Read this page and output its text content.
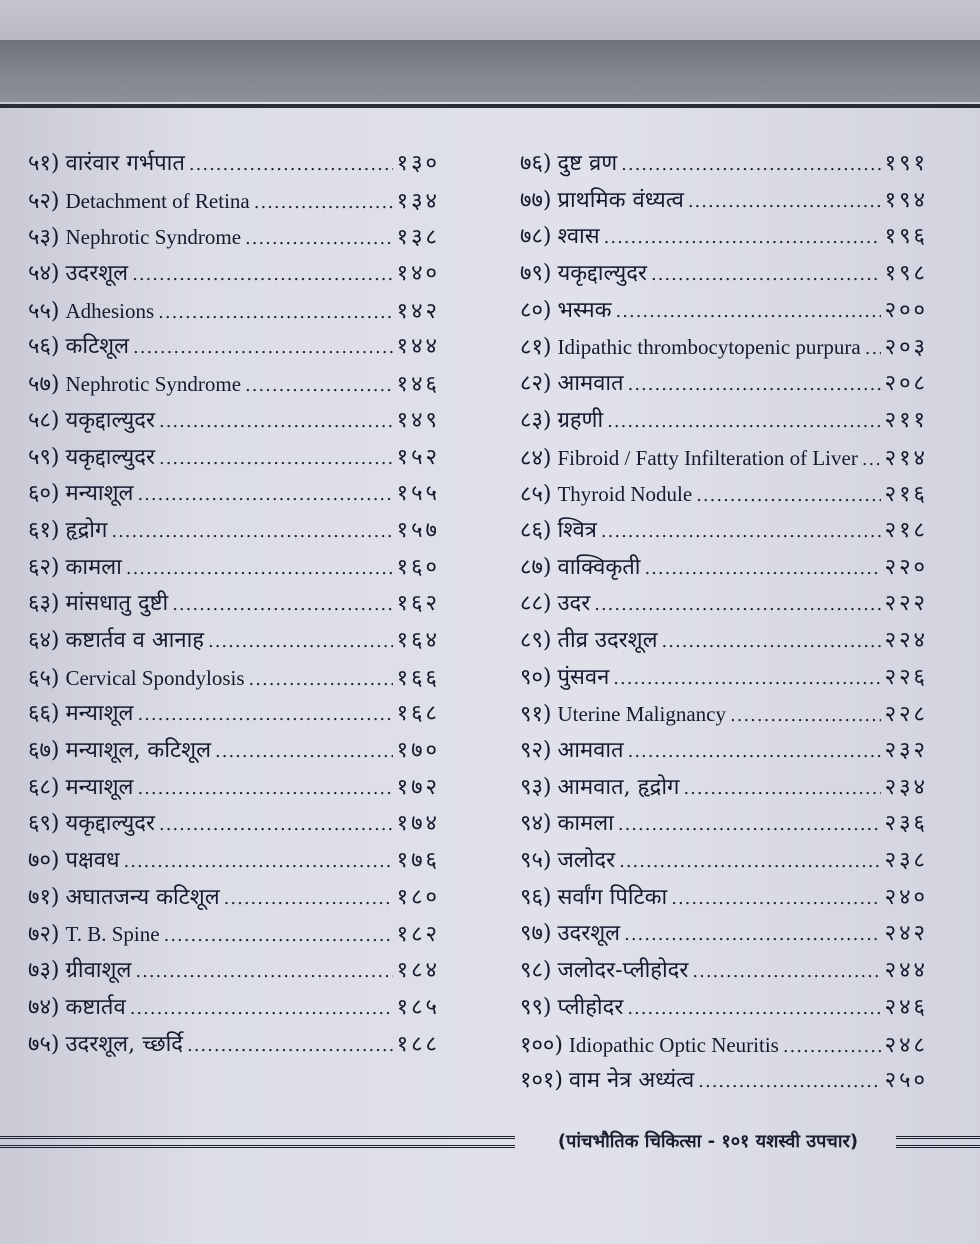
५१) वारंवार गर्भपात .....	१३०
५२) Detachment of Retina .....	१३४
५३) Nephrotic Syndrome .....	१३८
५४) उदरशूल .....	१४०
५५) Adhesions .....	१४२
५६) कटिशूल .....	१४४
५७) Nephrotic Syndrome .....	१४६
५८) यकृद्दाल्युदर .....	१४९
५९) यकृद्दाल्युदर .....	१५२
६०) मन्याशूल .....	१५५
६१) हृद्रोग .....	१५७
६२) कामला .....	१६०
६३) मांसधातु दुष्टी .....	१६२
६४) कष्टार्तव व आनाह .....	१६४
६५) Cervical Spondylosis .....	१६६
६६) मन्याशूल .....	१६८
६७) मन्याशूल, कटिशूल .....	१७०
६८) मन्याशूल .....	१७२
६९) यकृद्दाल्युदर .....	१७४
७०) पक्षवध .....	१७६
७१) अघातजन्य कटिशूल .....	१८०
७२) T. B. Spine .....	१८२
७३) ग्रीवाशूल .....	१८४
७४) कष्टार्तव .....	१८५
७५) उदरशूल, च्छर्दि .....	१८८
७६) दुष्ट व्रण .....	१९१
७७) प्राथमिक वंध्यत्व .....	१९४
७८) श्वास .....	१९६
७९) यकृद्दाल्युदर .....	१९८
८०) भस्मक .....	२००
८१) Idipathic thrombocytopenic purpura ..... २०३
८२) आमवात .....	२०८
८३) ग्रहणी .....	२११
८४) Fibroid / Fatty Infilteration of Liver ..... २१४
८५) Thyroid Nodule .....	२१६
८६) श्वित्र .....	२१८
८७) वाक्विकृती .....	२२०
८८) उदर .....	२२२
८९) तीव्र उदरशूल .....	२२४
९०) पुंसवन .....	२२६
९१) Uterine Malignancy .....	२२८
९२) आमवात .....	२३२
९३) आमवात, हृद्रोग .....	२३४
९४) कामला .....	२३६
९५) जलोदर .....	२३८
९६) सर्वांग पिटिका .....	२४०
९७) उदरशूल .....	२४२
९८) जलोदर-प्लीहोदर .....	२४४
९९) प्लीहोदर .....	२४६
१००) Idiopathic Optic Neuritis .....	२४८
१०१) वाम नेत्र अध्यंत्व .....	२५०
(पांचभौतिक चिकित्सा - १०१ यशस्वी उपचार)
